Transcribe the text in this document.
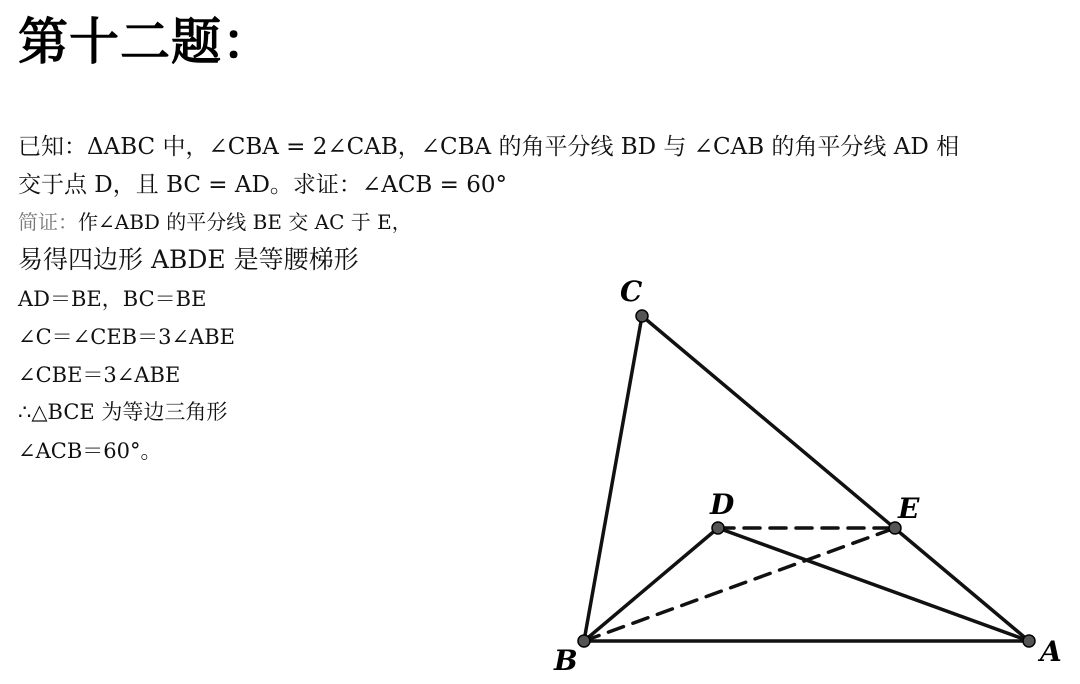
第十二题：
已知：ΔABC 中，∠CBA = 2∠CAB，∠CBA 的角平分线 BD 与 ∠CAB 的角平分线 AD 相
交于点 D，且 BC = AD。求证：∠ACB = 60°
简证：作∠ABD 的平分线 BE 交 AC 于 E，
易得四边形 ABDE 是等腰梯形
AD＝BE，BC＝BE
∠C＝∠CEB＝3∠ABE
∠CBE＝3∠ABE
∴△BCE 为等边三角形
∠ACB＝60°。
C
B	A
D	E
